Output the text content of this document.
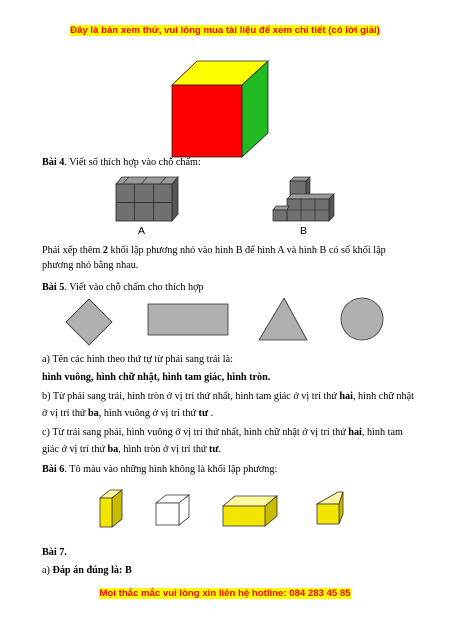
Đây là bản xem thử, vui lòng mua tài liệu để xem chi tiết (có lời giải)
Bài 4. Viết số thích hợp vào chỗ chấm:
A	B
Phải xếp thêm 2 khối lập phương nhỏ vào hình B để hình A và hình B có số khối lập phương nhỏ bằng nhau.
Bài 5. Viết vào chỗ chấm cho thích hợp
a) Tên các hình theo thứ tự từ phải sang trái là:
hình vuông, hình chữ nhật, hình tam giác, hình tròn.
b) Từ phải sang trái, hình tròn ở vị trí thứ nhất, hình tam giác ở vị trí thứ hai, hình chữ nhật ở vị trí thứ ba, hình vuông ở vị trí thứ tư .
c) Từ trái sang phải, hình vuông ở vị trí thứ nhất, hình chữ nhật ở vị trí thứ hai, hình tam giác ở vị trí thứ ba, hình tròn ở vị trí thứ tư.
Bài 6. Tô màu vào những hình không là khối lập phương:
Bài 7.
a) Đáp án đúng là: B
Mọi thắc mắc vui lòng xin liên hệ hotline: 084 283 45 85
